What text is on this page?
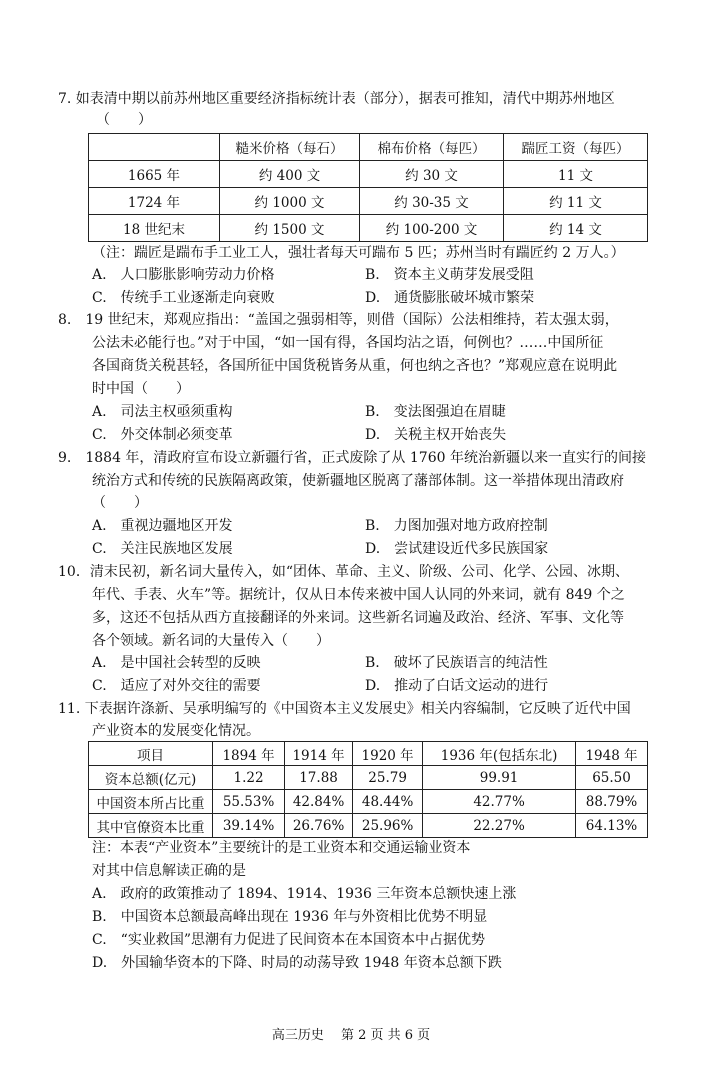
7. 如表清中期以前苏州地区重要经济指标统计表（部分），据表可推知，清代中期苏州地区
（　　）
	糙米价格（每石）	棉布价格（每匹）	踹匠工资（每匹）
1665 年	约 400 文	约 30 文	11 文
1724 年	约 1000 文	约 30-35 文	约 11 文
18 世纪末	约 1500 文	约 100-200 文	约 14 文
（注：踹匠是踹布手工业工人，强壮者每天可踹布 5 匹；苏州当时有踹匠约 2 万人。）
A.　人口膨胀影响劳动力价格	B.　资本主义萌芽发展受阻
C.　传统手工业逐渐走向衰败	D.　通货膨胀破坏城市繁荣
8.　19 世纪末，郑观应指出：“盖国之强弱相等，则借（国际）公法相维持，若太强太弱，
公法未必能行也。”对于中国，“如一国有得，各国均沾之语，何例也？……中国所征
各国商货关税甚轻，各国所征中国货税皆务从重，何也纳之吝也？”郑观应意在说明此
时中国（　　）
A.　司法主权亟须重构	B.　变法图强迫在眉睫
C.　外交体制必须变革	D.　关税主权开始丧失
9.　1884 年，清政府宣布设立新疆行省，正式废除了从 1760 年统治新疆以来一直实行的间接
统治方式和传统的民族隔离政策，使新疆地区脱离了藩部体制。这一举措体现出清政府
（　　）
A.　重视边疆地区开发	B.　力图加强对地方政府控制
C.　关注民族地区发展	D.　尝试建设近代多民族国家
10．清末民初，新名词大量传入，如“团体、革命、主义、阶级、公司、化学、公园、冰期、
年代、手表、火车”等。据统计，仅从日本传来被中国人认同的外来词，就有 849 个之
多，这还不包括从西方直接翻译的外来词。这些新名词遍及政治、经济、军事、文化等
各个领域。新名词的大量传入（　　）
A.　是中国社会转型的反映	B.　破坏了民族语言的纯洁性
C.　适应了对外交往的需要	D.　推动了白话文运动的进行
11. 下表据许涤新、吴承明编写的《中国资本主义发展史》相关内容编制，它反映了近代中国
产业资本的发展变化情况。
项目	1894 年	1914 年	1920 年	1936 年(包括东北)	1948 年
资本总额(亿元)	1.22	17.88	25.79	99.91	65.50
中国资本所占比重	55.53%	42.84%	48.44%	42.77%	88.79%
其中官僚资本比重	39.14%	26.76%	25.96%	22.27%	64.13%
注：本表“产业资本”主要统计的是工业资本和交通运输业资本
对其中信息解读正确的是
A.　政府的政策推动了 1894、1914、1936 三年资本总额快速上涨
B.　中国资本总额最高峰出现在 1936 年与外资相比优势不明显
C.　“实业救国”思潮有力促进了民间资本在本国资本中占据优势
D.　外国输华资本的下降、时局的动荡导致 1948 年资本总额下跌
高三历史　 第 2 页 共 6 页
